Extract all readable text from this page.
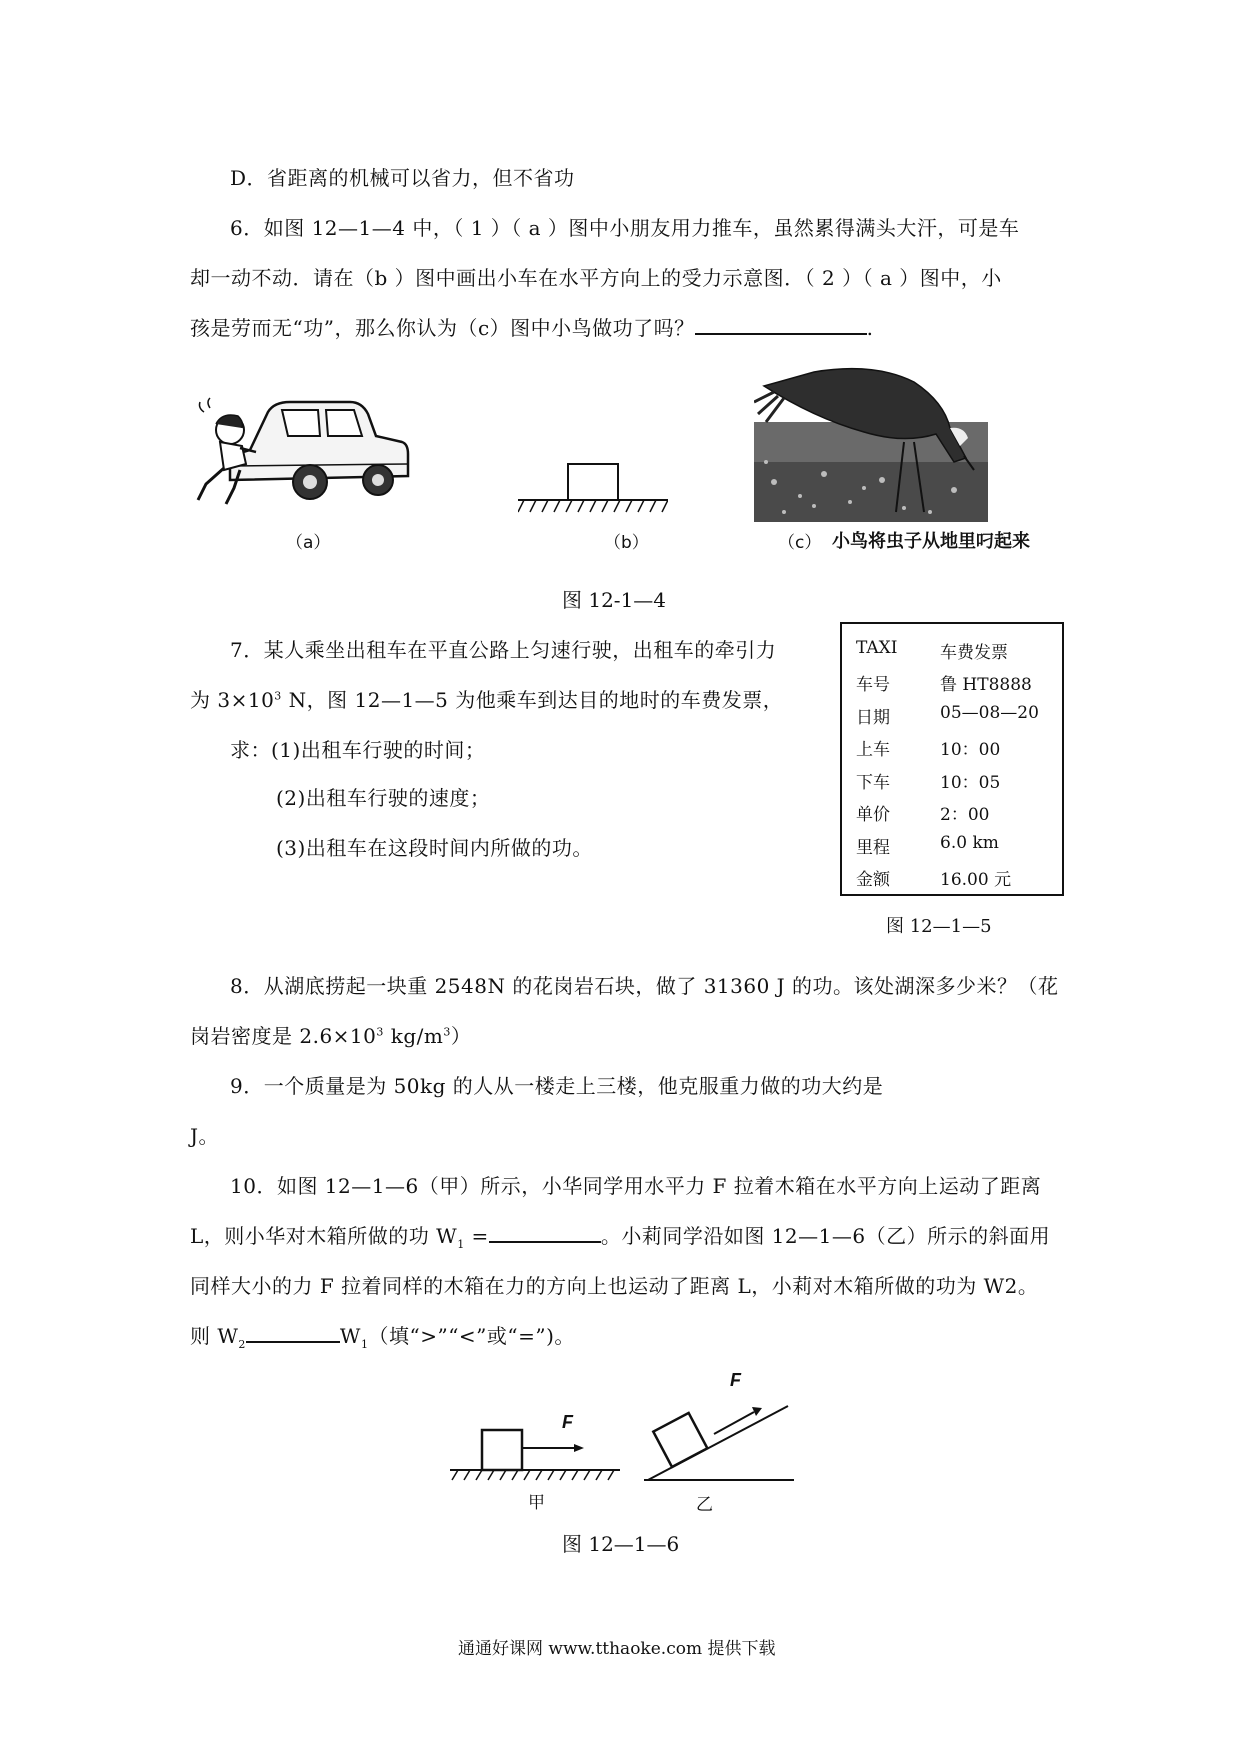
D．省距离的机械可以省力，但不省功
6．如图 12—1—4 中，（ 1 ）（ a ）图中小朋友用力推车，虽然累得满头大汗，可是车
却一动不动．请在（b ）图中画出小车在水平方向上的受力示意图．（ 2 ）（ a ）图中，小
孩是劳而无“功”，那么你认为（c）图中小鸟做功了吗？	.
（a）	（b）	（c） 小鸟将虫子从地里叼起来
图 12-1—4
7．某人乘坐出租车在平直公路上匀速行驶，出租车的牵引力
为 $3\times 10^3$ N，图 12—1—5 为他乘车到达目的地时的车费发票，
求：(1)出租车行驶的时间；
(2)出租车行驶的速度；
(3)出租车在这段时间内所做的功。
TAXI 车费发票
车号	鲁 HT8888
日期	05—08—20
上车	10：00
下车	10：05
单价	2：00
里程	6.0 km
金额	16.00 元
图 12—1—5
8．从湖底捞起一块重 2548N 的花岗岩石块，做了 31360 J 的功。该处湖深多少米？（花
岗岩密度是 $2.6\times 10^3$ $kg/m^3$）
9．一个质量是为 50kg 的人从一楼走上三楼，他克服重力做的功大约是
J。
10．如图 12—1—6（甲）所示，小华同学用水平力 F 拉着木箱在水平方向上运动了距离
L，则小华对木箱所做的功 $W_1$ =	。小莉同学沿如图 12—1—6（乙）所示的斜面用
同样大小的力 F 拉着同样的木箱在力的方向上也运动了距离 L，小莉对木箱所做的功为 W2。
则 $W_2$	$W_1$（填“>”“<”或“=”)。
F
F
甲	乙
图 12—1—6
通通好课网 www.tthaoke.com 提供下载
